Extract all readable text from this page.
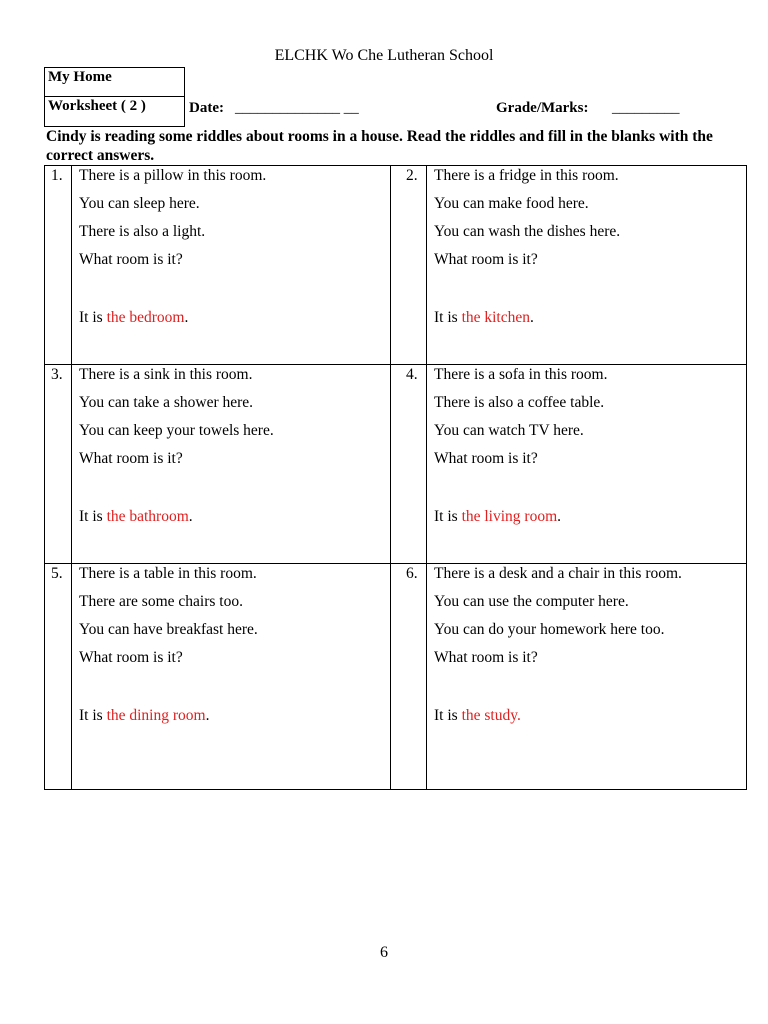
ELCHK Wo Che Lutheran School
My Home
Worksheet ( 2 )	Date: ______________ __	Grade/Marks: _________
Cindy is reading some riddles about rooms in a house. Read the riddles and fill in the blanks with the correct answers.
1. There is a pillow in this room.
You can sleep here.
There is also a light.
What room is it?
It is the bedroom.
2. There is a fridge in this room.
You can make food here.
You can wash the dishes here.
What room is it?
It is the kitchen.
3. There is a sink in this room.
You can take a shower here.
You can keep your towels here.
What room is it?
It is the bathroom.
4. There is a sofa in this room.
There is also a coffee table.
You can watch TV here.
What room is it?
It is the living room.
5. There is a table in this room.
There are some chairs too.
You can have breakfast here.
What room is it?
It is the dining room.
6. There is a desk and a chair in this room.
You can use the computer here.
You can do your homework here too.
What room is it?
It is the study.
6
